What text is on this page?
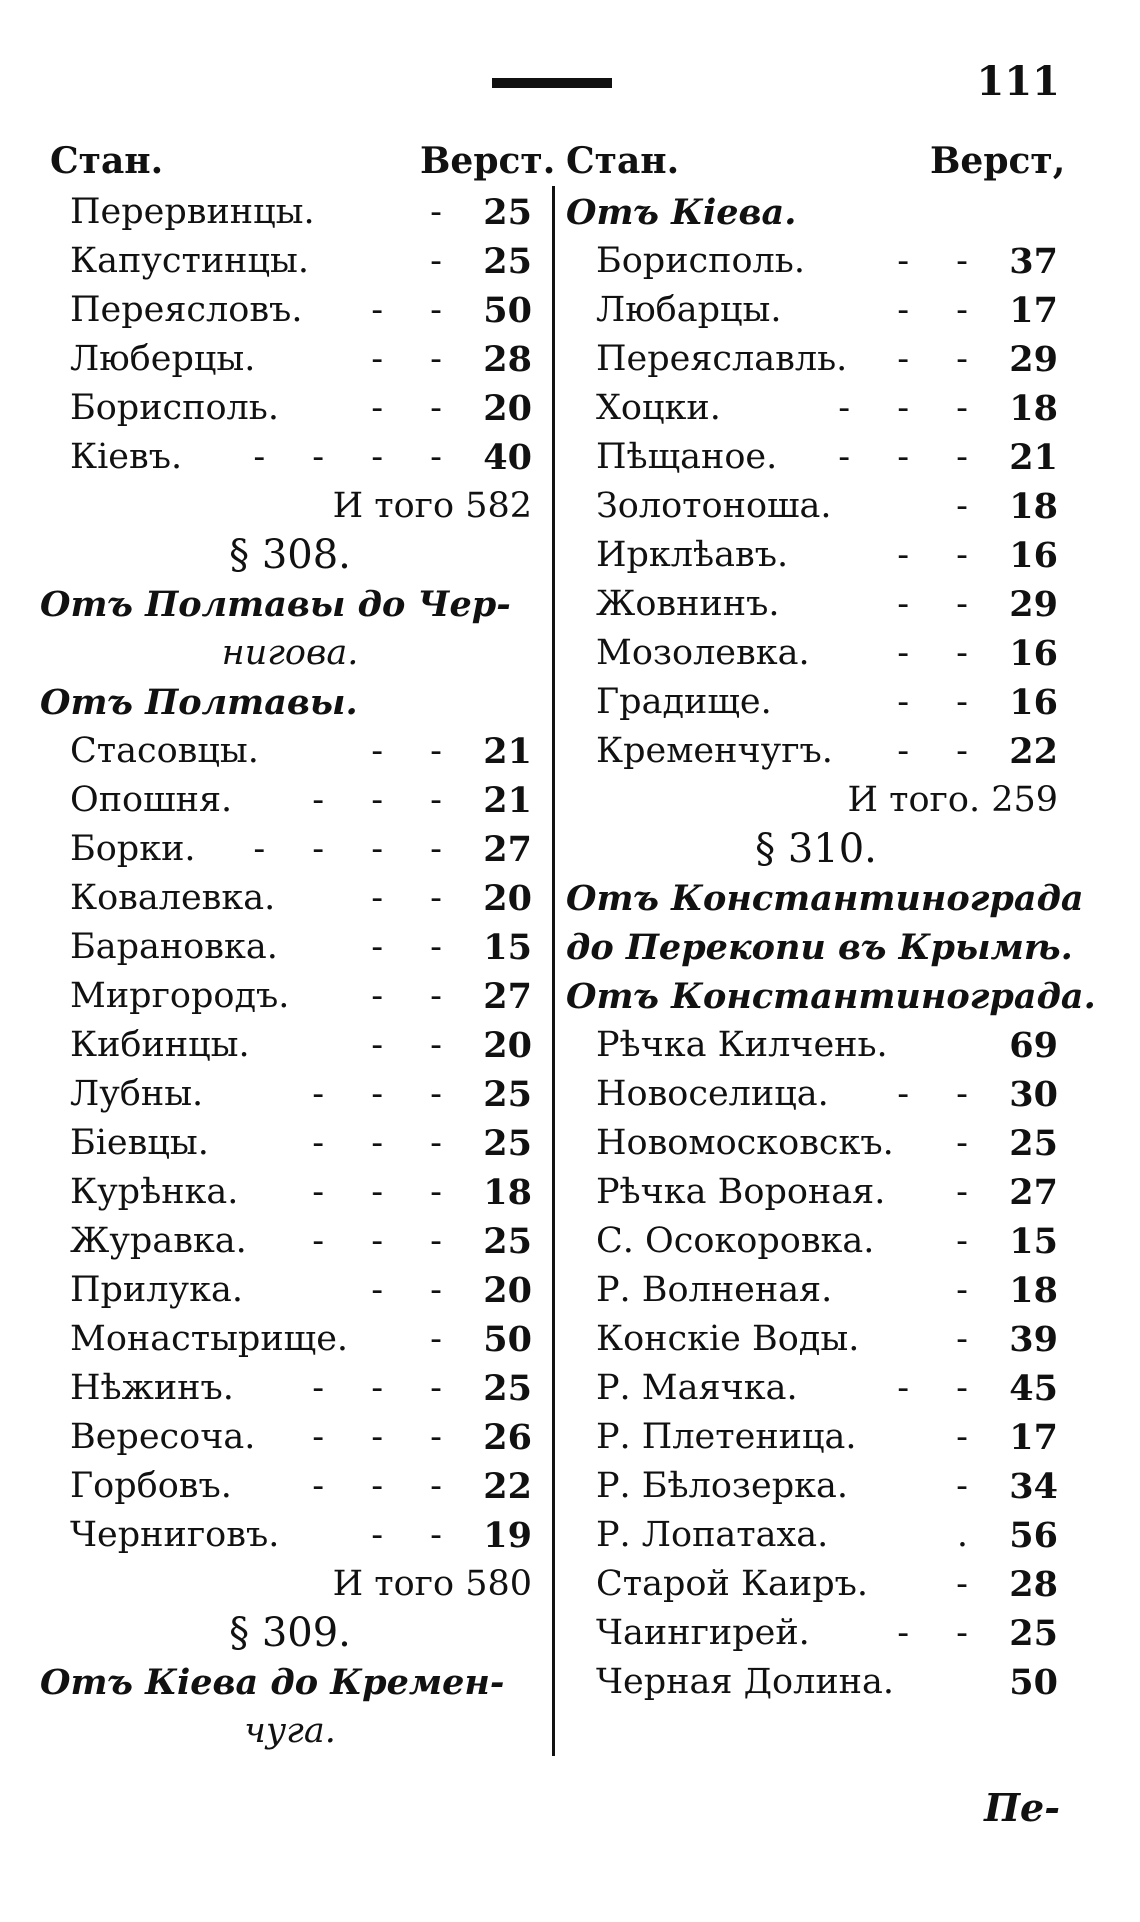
111
Стан.	Верст. Стан.	Верст,
Перервинцы.	- 25
Капустинцы.	- 25
Переясловъ. - - 50
Люберцы.	- - 28
Борисполь.	- - 20
Кіевъ. - - - - 40
И того 582
§ 308.
Отъ Полтавы до Чер-
нигова.
Отъ Полтавы.
Стасовцы.	- - 21
Опошня. - - - 21
Борки. - - - - 27
Ковалевка.	- - 20
Барановка.	- - 15
Миргородъ. - - 27
Кибинцы.	- - 20
Лубны.	- - - 25
Біевцы.	- - - 25
Курѣнка. - - - 18
Журавка. - - - 25
Прилука.	- - 20
Монастырище. - 50
Нѣжинъ. - - - 25
Вересоча. - - - 26
Горбовъ. - - - 22
Черниговъ.	- - 19
И того 580
§ 309.
Отъ Кіева до Кремен-
чуга.
Отъ Кіева.
Борисполь.	- - 37
Любарцы.	- - 17
Переяславль. - - 29
Хоцки.	- - - 18
Пѣщаное. - - - 21
Золотоноша.	- 18
Ирклѣавъ.	- - 16
Жовнинъ.	- - 29
Мозолевка.	- - 16
Градище.	- - 16
Кременчугъ. - - 22
И того. 259
§ 310.
Отъ Константинограда
до Перекопи въ Крымѣ.
Отъ Константинограда.
Рѣчка Килчень.	69
Новоселица. - - 30
Новомосковскъ. - 25
Рѣчка Вороная. - 27
С. Осокоровка. - 15
Р. Волненая.	- 18
Конскіе Воды.	- 39
Р. Маячка.	- - 45
Р. Плетеница.	- 17
Р. Бѣлозерка.	- 34
Р. Лопатаха.	. 56
Старой Каиръ.	- 28
Чаингирей. - - 25
Черная Долина.	50
Пе-
